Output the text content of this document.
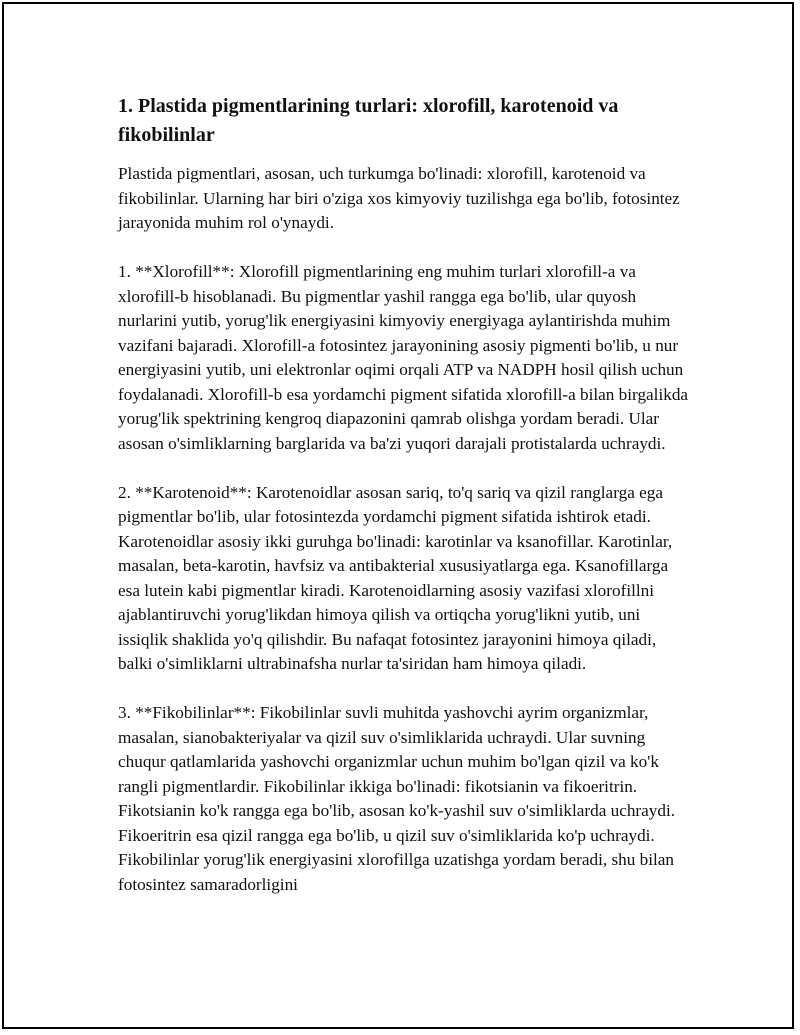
1. Plastida pigmentlarining turlari: xlorofill, karotenoid va fikobilinlar

Plastida pigmentlari, asosan, uch turkumga bo'linadi: xlorofill, karotenoid va fikobilinlar. Ularning har biri o'ziga xos kimyoviy tuzilishga ega bo'lib, fotosintez jarayonida muhim rol o'ynaydi.

1. **Xlorofill**: Xlorofill pigmentlarining eng muhim turlari xlorofill-a va xlorofill-b hisoblanadi. Bu pigmentlar yashil rangga ega bo'lib, ular quyosh nurlarini yutib, yorug'lik energiyasini kimyoviy energiyaga aylantirishda muhim vazifani bajaradi. Xlorofill-a fotosintez jarayonining asosiy pigmenti bo'lib, u nur energiyasini yutib, uni elektronlar oqimi orqali ATP va NADPH hosil qilish uchun foydalanadi. Xlorofill-b esa yordamchi pigment sifatida xlorofill-a bilan birgalikda yorug'lik spektrining kengroq diapazonini qamrab olishga yordam beradi. Ular asosan o'simliklarning barglarida va ba'zi yuqori darajali protistalarda uchraydi.

2. **Karotenoid**: Karotenoidlar asosan sariq, to'q sariq va qizil ranglarga ega pigmentlar bo'lib, ular fotosintezda yordamchi pigment sifatida ishtirok etadi. Karotenoidlar asosiy ikki guruhga bo'linadi: karotinlar va ksanofillar. Karotinlar, masalan, beta-karotin, havfsiz va antibakterial xususiyatlarga ega. Ksanofillarga esa lutein kabi pigmentlar kiradi. Karotenoidlarning asosiy vazifasi xlorofillni ajablantiruvchi yorug'likdan himoya qilish va ortiqcha yorug'likni yutib, uni issiqlik shaklida yo'q qilishdir. Bu nafaqat fotosintez jarayonini himoya qiladi, balki o'simliklarni ultrabinafsha nurlar ta'siridan ham himoya qiladi.

3. **Fikobilinlar**: Fikobilinlar suvli muhitda yashovchi ayrim organizmlar, masalan, sianobakteriyalar va qizil suv o'simliklarida uchraydi. Ular suvning chuqur qatlamlarida yashovchi organizmlar uchun muhim bo'lgan qizil va ko'k rangli pigmentlardir. Fikobilinlar ikkiga bo'linadi: fikotsianin va fikoeritrin. Fikotsianin ko'k rangga ega bo'lib, asosan ko'k-yashil suv o'simliklarda uchraydi. Fikoeritrin esa qizil rangga ega bo'lib, u qizil suv o'simliklarida ko'p uchraydi. Fikobilinlar yorug'lik energiyasini xlorofillga uzatishga yordam beradi, shu bilan fotosintez samaradorligini
